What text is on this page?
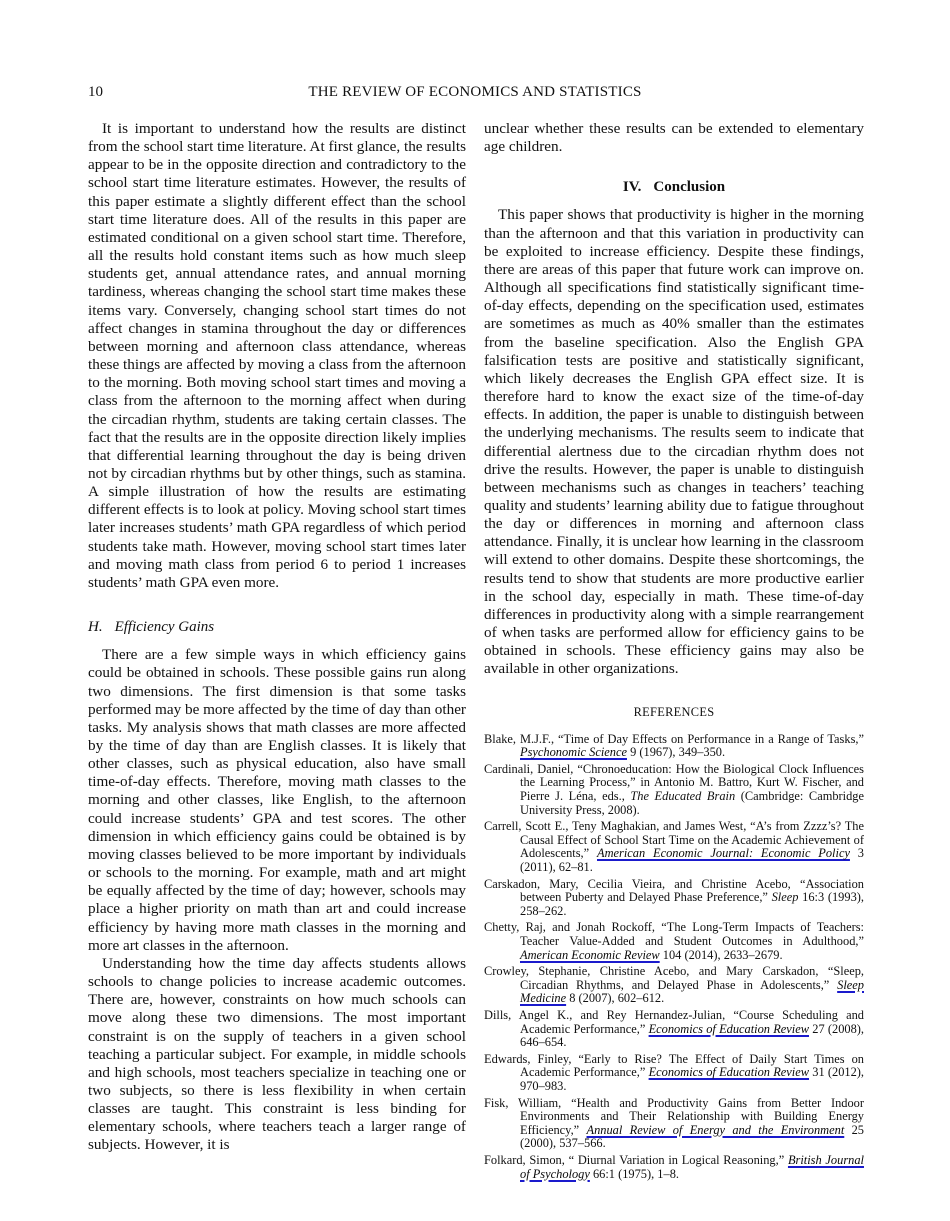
10	THE REVIEW OF ECONOMICS AND STATISTICS

It is important to understand how the results are distinct from the school start time literature. At first glance, the results appear to be in the opposite direction and contradictory to the school start time literature estimates. However, the results of this paper estimate a slightly different effect than the school start time literature does. All of the results in this paper are estimated conditional on a given school start time. Therefore, all the results hold constant items such as how much sleep students get, annual attendance rates, and annual morning tardiness, whereas changing the school start time makes these items vary. Conversely, changing school start times do not affect changes in stamina throughout the day or differences between morning and afternoon class attendance, whereas these things are affected by moving a class from the afternoon to the morning. Both moving school start times and moving a class from the afternoon to the morning affect when during the circadian rhythm, students are taking certain classes. The fact that the results are in the opposite direction likely implies that differential learning throughout the day is being driven not by circadian rhythms but by other things, such as stamina. A simple illustration of how the results are estimating different effects is to look at policy. Moving school start times later increases students’ math GPA regardless of which period students take math. However, moving school start times later and moving math class from period 6 to period 1 increases students’ math GPA even more.

H. Efficiency Gains

There are a few simple ways in which efficiency gains could be obtained in schools. These possible gains run along two dimensions. The first dimension is that some tasks performed may be more affected by the time of day than other tasks. My analysis shows that math classes are more affected by the time of day than are English classes. It is likely that other classes, such as physical education, also have small time-of-day effects. Therefore, moving math classes to the morning and other classes, like English, to the afternoon could increase students’ GPA and test scores. The other dimension in which efficiency gains could be obtained is by moving classes believed to be more important by individuals or schools to the morning. For example, math and art might be equally affected by the time of day; however, schools may place a higher priority on math than art and could increase efficiency by having more math classes in the morning and more art classes in the afternoon.

Understanding how the time day affects students allows schools to change policies to increase academic outcomes. There are, however, constraints on how much schools can move along these two dimensions. The most important constraint is on the supply of teachers in a given school teaching a particular subject. For example, in middle schools and high schools, most teachers specialize in teaching one or two subjects, so there is less flexibility in when certain classes are taught. This constraint is less binding for elementary schools, where teachers teach a larger range of subjects. However, it is

unclear whether these results can be extended to elementary age children.

IV. Conclusion

This paper shows that productivity is higher in the morning than the afternoon and that this variation in productivity can be exploited to increase efficiency. Despite these findings, there are areas of this paper that future work can improve on. Although all specifications find statistically significant time-of-day effects, depending on the specification used, estimates are sometimes as much as 40% smaller than the estimates from the baseline specification. Also the English GPA falsification tests are positive and statistically significant, which likely decreases the English GPA effect size. It is therefore hard to know the exact size of the time-of-day effects. In addition, the paper is unable to distinguish between the underlying mechanisms. The results seem to indicate that differential alertness due to the circadian rhythm does not drive the results. However, the paper is unable to distinguish between mechanisms such as changes in teachers’ teaching quality and students’ learning ability due to fatigue throughout the day or differences in morning and afternoon class attendance. Finally, it is unclear how learning in the classroom will extend to other domains. Despite these shortcomings, the results tend to show that students are more productive earlier in the school day, especially in math. These time-of-day differences in productivity along with a simple rearrangement of when tasks are performed allow for efficiency gains to be obtained in schools. These efficiency gains may also be available in other organizations.

REFERENCES
Blake, M.J.F., “Time of Day Effects on Performance in a Range of Tasks,” Psychonomic Science 9 (1967), 349–350.
Cardinali, Daniel, “Chronoeducation: How the Biological Clock Influences the Learning Process,” in Antonio M. Battro, Kurt W. Fischer, and Pierre J. Léna, eds., The Educated Brain (Cambridge: Cambridge University Press, 2008).
Carrell, Scott E., Teny Maghakian, and James West, “A’s from Zzzz’s? The Causal Effect of School Start Time on the Academic Achievement of Adolescents,” American Economic Journal: Economic Policy 3 (2011), 62–81.
Carskadon, Mary, Cecilia Vieira, and Christine Acebo, “Association between Puberty and Delayed Phase Preference,” Sleep 16:3 (1993), 258–262.
Chetty, Raj, and Jonah Rockoff, “The Long-Term Impacts of Teachers: Teacher Value-Added and Student Outcomes in Adulthood,” American Economic Review 104 (2014), 2633–2679.
Crowley, Stephanie, Christine Acebo, and Mary Carskadon, “Sleep, Circadian Rhythms, and Delayed Phase in Adolescents,” Sleep Medicine 8 (2007), 602–612.
Dills, Angel K., and Rey Hernandez-Julian, “Course Scheduling and Academic Performance,” Economics of Education Review 27 (2008), 646–654.
Edwards, Finley, “Early to Rise? The Effect of Daily Start Times on Academic Performance,” Economics of Education Review 31 (2012), 970–983.
Fisk, William, “Health and Productivity Gains from Better Indoor Environments and Their Relationship with Building Energy Efficiency,” Annual Review of Energy and the Environment 25 (2000), 537–566.
Folkard, Simon, “ Diurnal Variation in Logical Reasoning,” British Journal of Psychology 66:1 (1975), 1–8.
